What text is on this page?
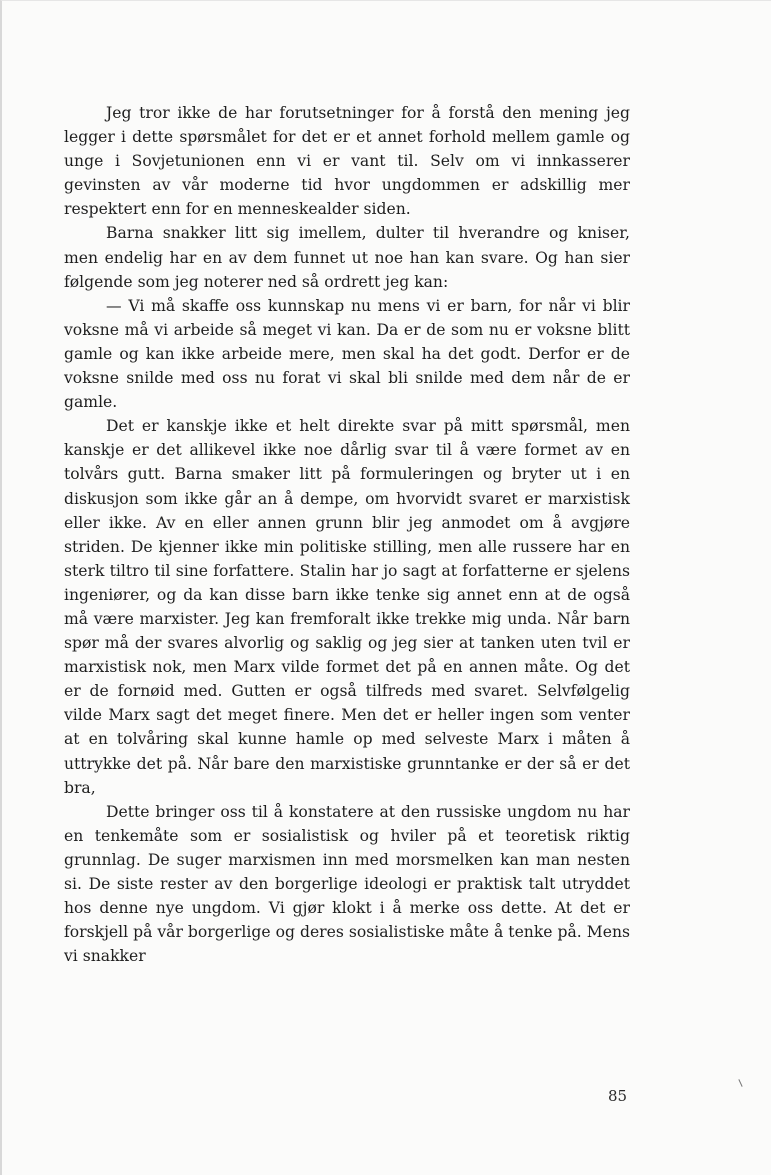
Jeg tror ikke de har forutsetninger for å forstå den mening jeg legger i dette spørsmålet for det er et annet forhold mellem gamle og unge i Sovjetunionen enn vi er vant til. Selv om vi innkasserer gevinsten av vår moderne tid hvor ungdommen er adskillig mer respektert enn for en menneskealder siden.

Barna snakker litt sig imellem, dulter til hverandre og kniser, men endelig har en av dem funnet ut noe han kan svare. Og han sier følgende som jeg noterer ned så ordrett jeg kan:

— Vi må skaffe oss kunnskap nu mens vi er barn, for når vi blir voksne må vi arbeide så meget vi kan. Da er de som nu er voksne blitt gamle og kan ikke arbeide mere, men skal ha det godt. Derfor er de voksne snilde med oss nu forat vi skal bli snilde med dem når de er gamle.

Det er kanskje ikke et helt direkte svar på mitt spørsmål, men kanskje er det allikevel ikke noe dårlig svar til å være formet av en tolvårs gutt. Barna smaker litt på formuleringen og bryter ut i en diskusjon som ikke går an å dempe, om hvorvidt svaret er marxistisk eller ikke. Av en eller annen grunn blir jeg anmodet om å avgjøre striden. De kjenner ikke min politiske stilling, men alle russere har en sterk tiltro til sine forfattere. Stalin har jo sagt at forfatterne er sjelens ingeniører, og da kan disse barn ikke tenke sig annet enn at de også må være marxister. Jeg kan fremforalt ikke trekke mig unda. Når barn spør må der svares alvorlig og saklig og jeg sier at tanken uten tvil er marxistisk nok, men Marx vilde formet det på en annen måte. Og det er de fornøid med. Gutten er også tilfreds med svaret. Selvfølgelig vilde Marx sagt det meget finere. Men det er heller ingen som venter at en tolvåring skal kunne hamle op med selveste Marx i måten å uttrykke det på. Når bare den marxistiske grunntanke er der så er det bra,

Dette bringer oss til å konstatere at den russiske ungdom nu har en tenkemåte som er sosialistisk og hviler på et teoretisk riktig grunnlag. De suger marxismen inn med morsmelken kan man nesten si. De siste rester av den borgerlige ideologi er praktisk talt utryddet hos denne nye ungdom. Vi gjør klokt i å merke oss dette. At det er forskjell på vår borgerlige og deres sosialistiske måte å tenke på. Mens vi snakker

85
